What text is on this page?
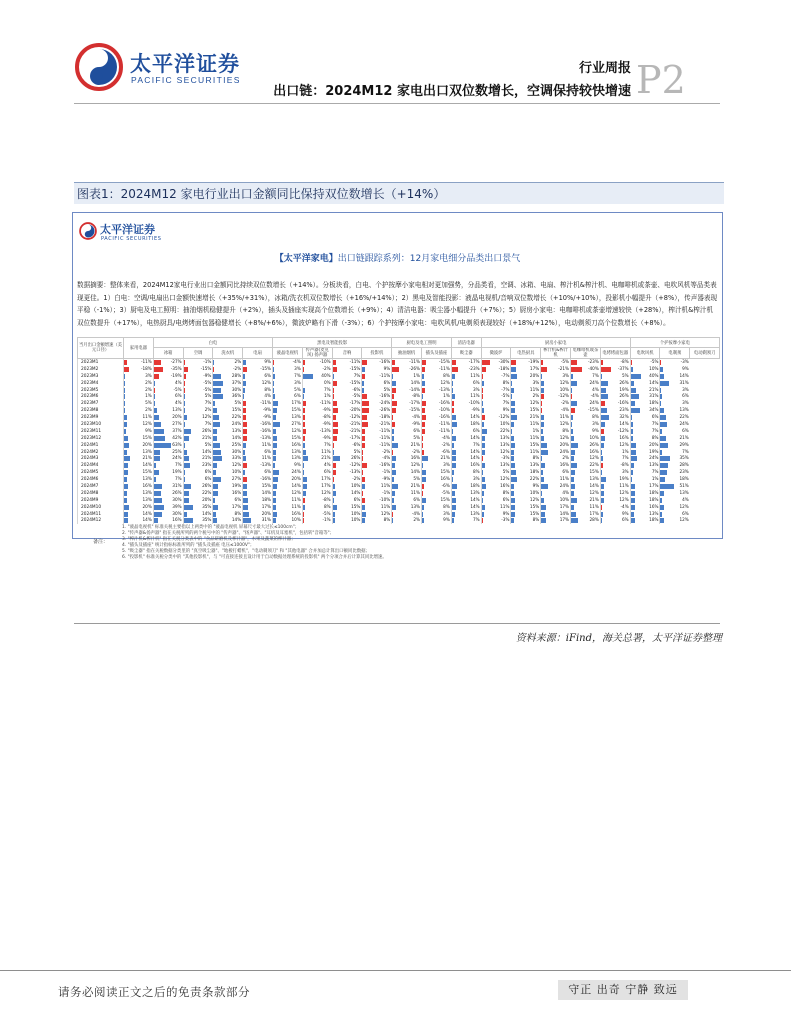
太平洋证券
PACIFIC SECURITIES
行业周报
出口链：2024M12 家电出口双位数增长，空调保持较快增速 P2
图表1：2024M12 家电行业出口金额同比保持双位数增长（+14%）
太平洋证券
PACIFIC SECURITIES
【太平洋家电】出口链跟踪系列：12月家电细分品类出口景气
数据摘要：整体来看，2024M12家电行业出口金额同比持续双位数增长（+14%）。分板块看，白电、个护按摩小家电相对更加强势，分品类看，空调、冰箱、电扇、榨汁机&榨汁机、电咖啡机或茶壶、电吹风机等品类表现更佳。1）白电：空调/电扇出口金额快速增长（+35%/+31%），冰箱/洗衣机双位数增长（+16%/+14%）；2）黑电及智能投影：液晶电视机/音响双位数增长（+10%/+10%），投影机小幅提升（+8%），传声器表现平稳（-1%）；3）厨电及电工照明：抽油烟机稳健提升（+2%），插头及插座实现高个位数增长（+9%）；4）清洁电器：吸尘器小幅提升（+7%）；5）厨房小家电：电咖啡机或茶壶增速较快（+28%），榨汁机&榨汁机双位数提升（+17%），电热厨具/电烤烤面包器稳健增长（+8%/+6%），微波炉略有下滑（-3%）；6）个护按摩小家电：电吹风机/电剃须表现较好（+18%/+12%），电动剃须刀高个位数增长（+8%）。
当月出口金额增速（美元口径）	家用电器	白电				黑电及智能投影				厨电及电工照明		清洁电器	厨房小家电					个护按摩小家电		
		冰箱	空调	洗衣机	电扇	液晶电视机	传声器(麦克风) 扬声器	音响	投影机	抽油烟机	插头及插座	吸尘器	微波炉	电热厨具	榨汁机&榨汁机	电咖啡机或茶壶	电烤烤面包器	电吹风机	电剃须	电动剃须刀
2023M1	-11%	-27%	-1%	2%	9%	-4%	-10%	-11%	-16%	-11%	-15%	-17%	-30%	-19%	-5%	-23%	-8%	-5%	-3%	

2023M2	-18%	-35%	-15%	-2%	-15%	3%	-2%	-15%	9%	-26%	-11%	-23%	-18%	17%	-21%	-40%	-37%	10%	9%	

2023M3	3%	-19%	-9%	28%	6%	7%	40%	7%	-11%	1%	8%	11%	-7%	20%	3%	7%	5%	40%	14%	

2023M4	2%	4%	-5%	37%	12%	3%	0%	-15%	6%	14%	12%	6%	8%	3%	12%	24%	26%	14%	31%	

2023M5	2%	-5%	-5%	30%	8%	5%	7%	-6%	5%	-14%	-13%	3%	-7%	11%	10%	4%	19%	21%	3%	

2023M6	1%	6%	5%	36%	4%	6%	1%	-5%	-16%	-8%	1%	11%	-5%	2%	-12%	-4%	26%	31%	6%	

2023M7	5%	4%	7%	5%	-11%	17%	-11%	-17%	-24%	-17%	-16%	-10%	7%	12%	-2%	24%	-16%	18%	3%	

2023M8	2%	13%	2%	15%	-9%	15%	-9%	-20%	-26%	-15%	-10%	-9%	9%	15%	-4%	-15%	23%	34%	13%	

2023M9	11%	20%	12%	22%	-9%	13%	-8%	-12%	-18%	-4%	-16%	14%	-12%	21%	11%	8%	32%	6%	22%	

2023M10	12%	27%	7%	24%	-16%	27%	-9%	-21%	-21%	-9%	-11%	18%	10%	11%	12%	3%	14%	7%	24%	

2023M11	9%	37%	26%	13%	-16%	12%	-13%	-21%	-11%	6%	-11%	6%	22%	1%	8%	9%	-12%	7%	6%	

2023M12	15%	42%	21%	14%	-13%	15%	-9%	-17%	-11%	5%	-4%	14%	13%	11%	12%	10%	16%	8%	21%	

2024M1	20%	63%	5%	25%	11%	16%	7%	-6%	-11%	21%	-2%	7%	13%	15%	20%	26%	12%	20%	29%	

2024M2	13%	25%	14%	30%	6%	13%	11%	5%	-2%	-2%	-6%	14%	12%	11%	24%	16%	1%	19%	7%	

2024M3	21%	24%	21%	33%	11%	13%	21%	26%	-4%	16%	21%	14%	-3%	8%	2%	12%	7%	24%	35%	

2024M4	14%	7%	23%	12%	-13%	9%	4%	-12%	-16%	12%	3%	16%	13%	13%	16%	22%	-8%	13%	28%	

2024M5	15%	19%	6%	10%	6%	24%	6%	-13%	-1%	14%	15%	8%	5%	18%	6%	15%	3%	7%	23%	

2024M6	13%	7%	6%	27%	-16%	20%	17%	-2%	-9%	5%	16%	3%	12%	22%	11%	13%	19%	1%	18%	

2024M7	16%	31%	26%	19%	15%	14%	17%	10%	11%	21%	-6%	18%	16%	9%	24%	14%	11%	17%	51%	

2024M8	13%	26%	22%	16%	14%	12%	12%	14%	-1%	11%	-5%	13%	8%	10%	4%	12%	12%	18%	13%	

2024M9	13%	30%	20%	6%	18%	11%	-8%	6%	-10%	6%	15%	14%	6%	12%	10%	21%	12%	18%	4%	

2024M10	20%	39%	35%	17%	17%	11%	8%	15%	11%	13%	8%	14%	11%	15%	17%	11%	-4%	16%	12%	

2024M11	14%	30%	14%	8%	20%	16%	-5%	10%	12%	-4%	3%	13%	9%	15%	14%	17%	9%	13%	6%	

2024M12	14%	16%	35%	14%	31%	10%	-1%	10%	8%	2%	9%	7%	-3%	8%	17%	28%	6%	18%	12%	
备注：
1. "液晶电视机" 标准关税主要指以上两类中的 "液晶电视机 屏幕尺寸最大过长≤100cm"；
2. "传声器&扬声器" 指在关税所列的两个税号中的 "传声器"、"扬声器"、"耳机及耳塞机"，包括转"音箱等"；
3. "榨汁机&榨汁机" 指在关税分类表中的 "食品研磨机及榨汁器"，水果及蔬菜的榨汁器；
4. "插头及插座" 统计指标标准所列的 "插头及插座 电压≤1000V"；
5. "吸尘器" 指在关税数据分类里的 "真空吸尘器"、"地板打蜡机"，"电动剃须刀" 和 "其他电器" 合并加总计算出口额同比数据；
6. "投影机" 标准关税分类中的 "其他投影机"，与 "可直接连接且设计用于自动数据处理系统的投影机" 两个分项合并后计算其同比增速。
资料来源：iFind，海关总署，太平洋证券整理
请务必阅读正文之后的免责条款部分	守正 出奇 宁静 致远
